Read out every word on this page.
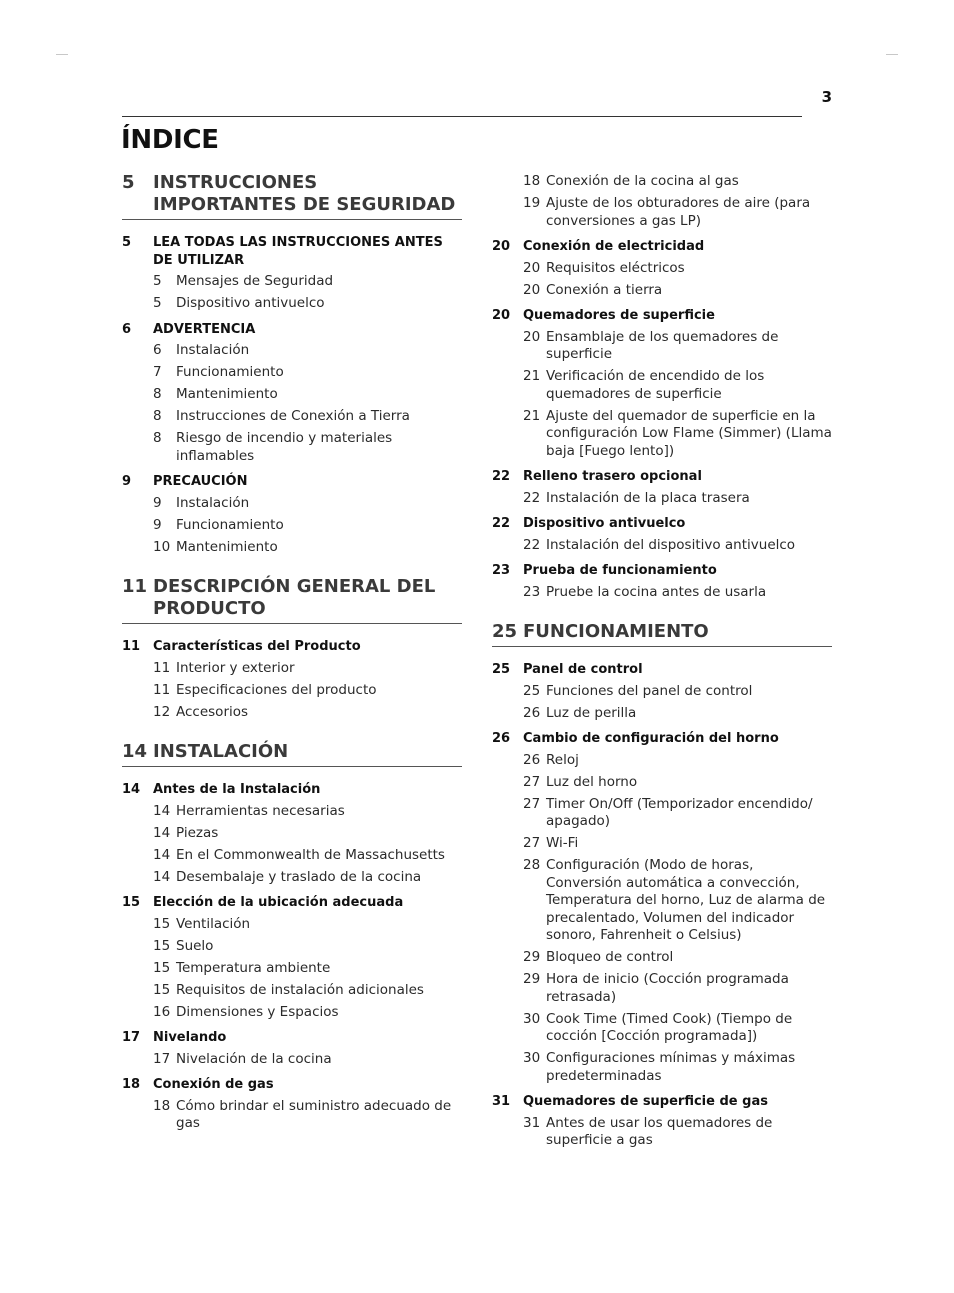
3
ÍNDICE
5	INSTRUCCIONES IMPORTANTES DE SEGURIDAD
5	LEA TODAS LAS INSTRUCCIONES ANTES DE UTILIZAR
5	Mensajes de Seguridad
5	Dispositivo antivuelco
6	ADVERTENCIA
6	Instalación
7	Funcionamiento
8	Mantenimiento
8	Instrucciones de Conexión a Tierra
8	Riesgo de incendio y materiales inflamables
9	PRECAUCIÓN
9	Instalación
9	Funcionamiento
10 Mantenimiento
11 DESCRIPCIÓN GENERAL DEL PRODUCTO
11 Características del Producto
11 Interior y exterior
11 Especificaciones del producto
12 Accesorios
14 INSTALACIÓN
14 Antes de la Instalación
14 Herramientas necesarias
14 Piezas
14 En el Commonwealth de Massachusetts
14 Desembalaje y traslado de la cocina
15 Elección de la ubicación adecuada
15 Ventilación
15 Suelo
15 Temperatura ambiente
15 Requisitos de instalación adicionales
16 Dimensiones y Espacios
17 Nivelando
17 Nivelación de la cocina
18 Conexión de gas
18 Cómo brindar el suministro adecuado de gas
18 Conexión de la cocina al gas
19 Ajuste de los obturadores de aire (para conversiones a gas LP)
20 Conexión de electricidad
20 Requisitos eléctricos
20 Conexión a tierra
20 Quemadores de superficie
20 Ensamblaje de los quemadores de superficie
21 Verificación de encendido de los quemadores de superficie
21 Ajuste del quemador de superficie en la configuración Low Flame (Simmer) (Llama baja [Fuego lento])
22 Relleno trasero opcional
22 Instalación de la placa trasera
22 Dispositivo antivuelco
22 Instalación del dispositivo antivuelco
23 Prueba de funcionamiento
23 Pruebe la cocina antes de usarla
25 FUNCIONAMIENTO
25 Panel de control
25 Funciones del panel de control
26 Luz de perilla
26 Cambio de configuración del horno
26 Reloj
27 Luz del horno
27 Timer On/Off (Temporizador encendido/ apagado)
27 Wi-Fi
28 Configuración (Modo de horas, Conversión automática a convección, Temperatura del horno, Luz de alarma de precalentado, Volumen del indicador sonoro, Fahrenheit o Celsius)
29 Bloqueo de control
29 Hora de inicio (Cocción programada retrasada)
30 Cook Time (Timed Cook) (Tiempo de cocción [Cocción programada])
30 Configuraciones mínimas y máximas predeterminadas
31 Quemadores de superficie de gas
31 Antes de usar los quemadores de superficie a gas
